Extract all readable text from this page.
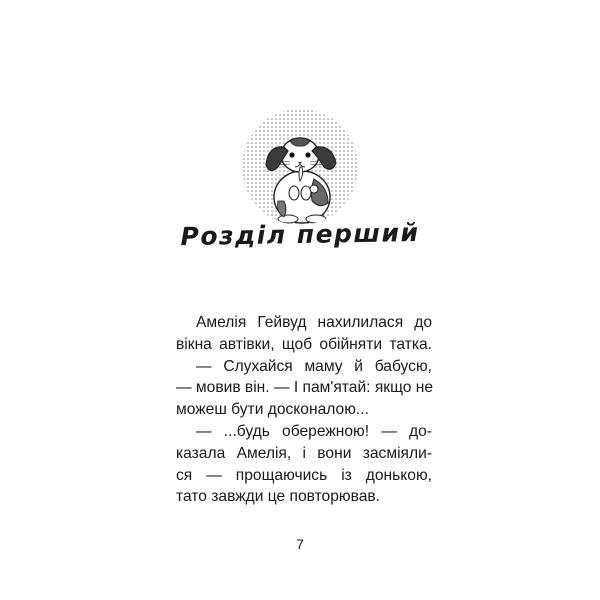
Розділ перший
Амелія Гейвуд нахилилася до
вікна автівки, щоб обійняти татка.
— Слухайся маму й бабусю,
— мовив він. — І пам'ятай: якщо не
можеш бути досконалою...
— ...будь обережною! — до-
казала Амелія, і вони засміяли-
ся — прощаючись із донькою,
тато завжди це повторював.
7
